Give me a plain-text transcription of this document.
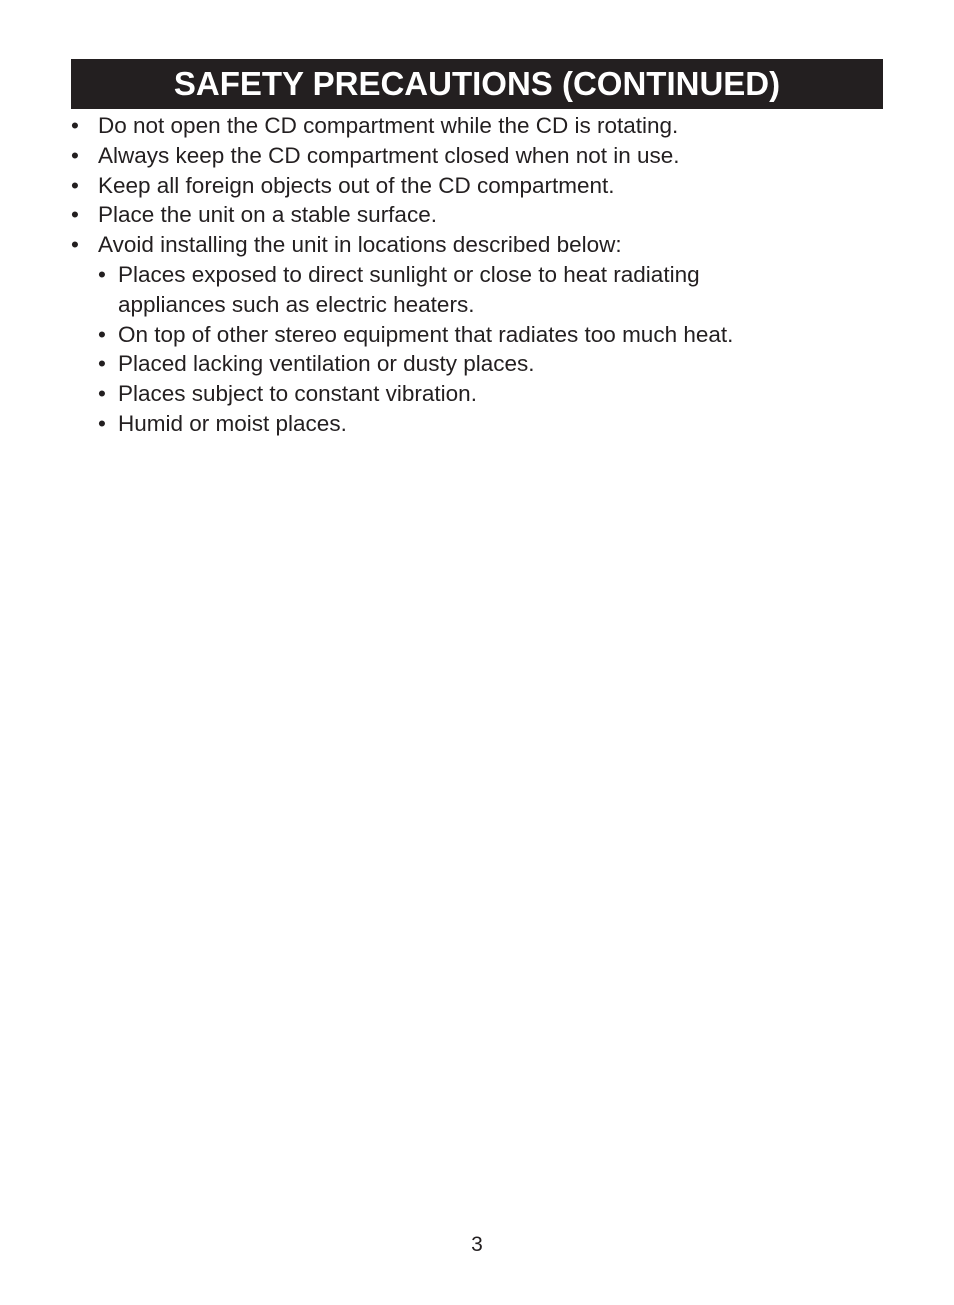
SAFETY PRECAUTIONS (CONTINUED)
• Do not open the CD compartment while the CD is rotating.
• Always keep the CD compartment closed when not in use.
• Keep all foreign objects out of the CD compartment.
• Place the unit on a stable surface.
• Avoid installing the unit in locations described below:
• Places exposed to direct sunlight or close to heat radiating appliances such as electric heaters.
• On top of other stereo equipment that radiates too much heat.
• Placed lacking ventilation or dusty places.
• Places subject to constant vibration.
• Humid or moist places.
3
